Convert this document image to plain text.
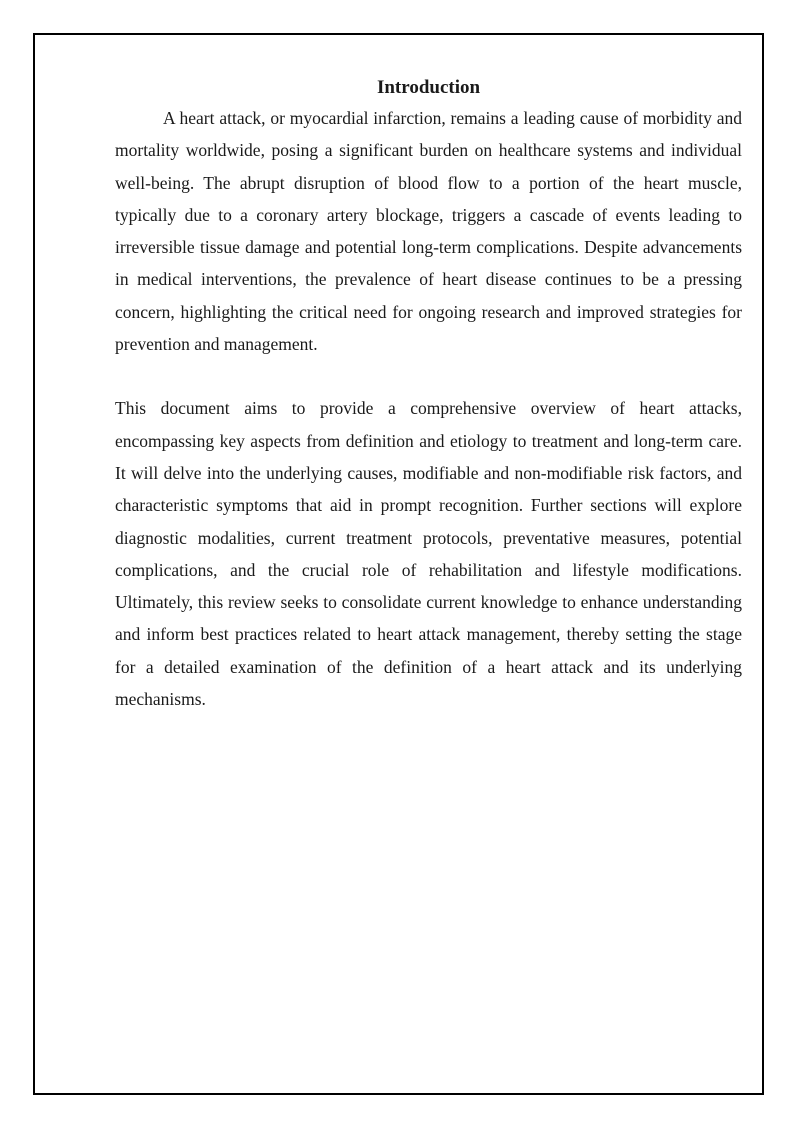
Introduction

A heart attack, or myocardial infarction, remains a leading cause of morbidity and mortality worldwide, posing a significant burden on healthcare systems and individual well-being. The abrupt disruption of blood flow to a portion of the heart muscle, typically due to a coronary artery blockage, triggers a cascade of events leading to irreversible tissue damage and potential long-term complications. Despite advancements in medical interventions, the prevalence of heart disease continues to be a pressing concern, highlighting the critical need for ongoing research and improved strategies for prevention and management.

This document aims to provide a comprehensive overview of heart attacks, encompassing key aspects from definition and etiology to treatment and long-term care. It will delve into the underlying causes, modifiable and non-modifiable risk factors, and characteristic symptoms that aid in prompt recognition. Further sections will explore diagnostic modalities, current treatment protocols, preventative measures, potential complications, and the crucial role of rehabilitation and lifestyle modifications. Ultimately, this review seeks to consolidate current knowledge to enhance understanding and inform best practices related to heart attack management, thereby setting the stage for a detailed examination of the definition of a heart attack and its underlying mechanisms.
